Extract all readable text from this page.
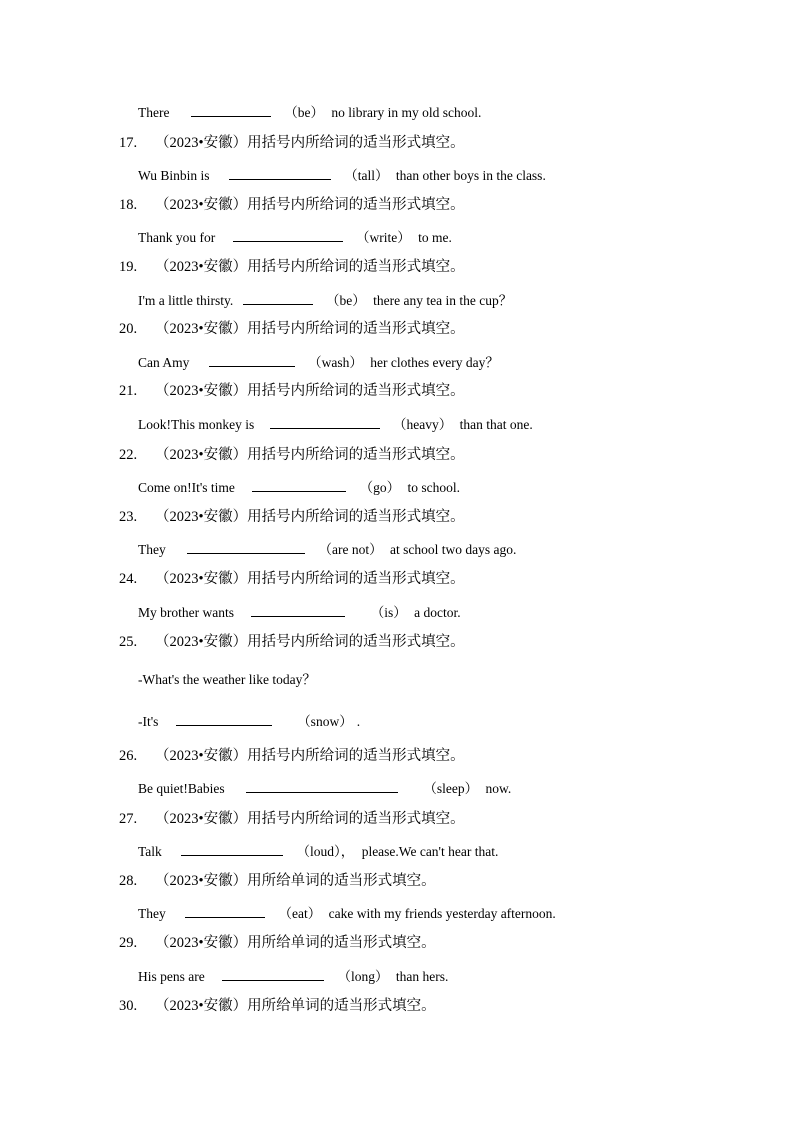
There	（be） no library in my old school.
17. （2023•安徽）用括号内所给词的适当形式填空。
Wu Binbin is	（tall） than other boys in the class.
18. （2023•安徽）用括号内所给词的适当形式填空。
Thank you for	（write） to me.
19. （2023•安徽）用括号内所给词的适当形式填空。
I'm a little thirsty.	（be） there any tea in the cup？
20. （2023•安徽）用括号内所给词的适当形式填空。
Can Amy	（wash） her clothes every day？
21. （2023•安徽）用括号内所给词的适当形式填空。
Look!This monkey is	（heavy） than that one.
22. （2023•安徽）用括号内所给词的适当形式填空。
Come on!It's time	（go） to school.
23. （2023•安徽）用括号内所给词的适当形式填空。
They	（are not） at school two days ago.
24. （2023•安徽）用括号内所给词的适当形式填空。
My brother wants	（is） a doctor.
25. （2023•安徽）用括号内所给词的适当形式填空。
-What's the weather like today？
-It's	（snow） .
26. （2023•安徽）用括号内所给词的适当形式填空。
Be quiet!Babies	（sleep） now.
27. （2023•安徽）用括号内所给词的适当形式填空。
Talk	（loud）， please.We can't hear that.
28. （2023•安徽）用所给单词的适当形式填空。
They	（eat） cake with my friends yesterday afternoon.
29. （2023•安徽）用所给单词的适当形式填空。
His pens are	（long） than hers.
30. （2023•安徽）用所给单词的适当形式填空。
